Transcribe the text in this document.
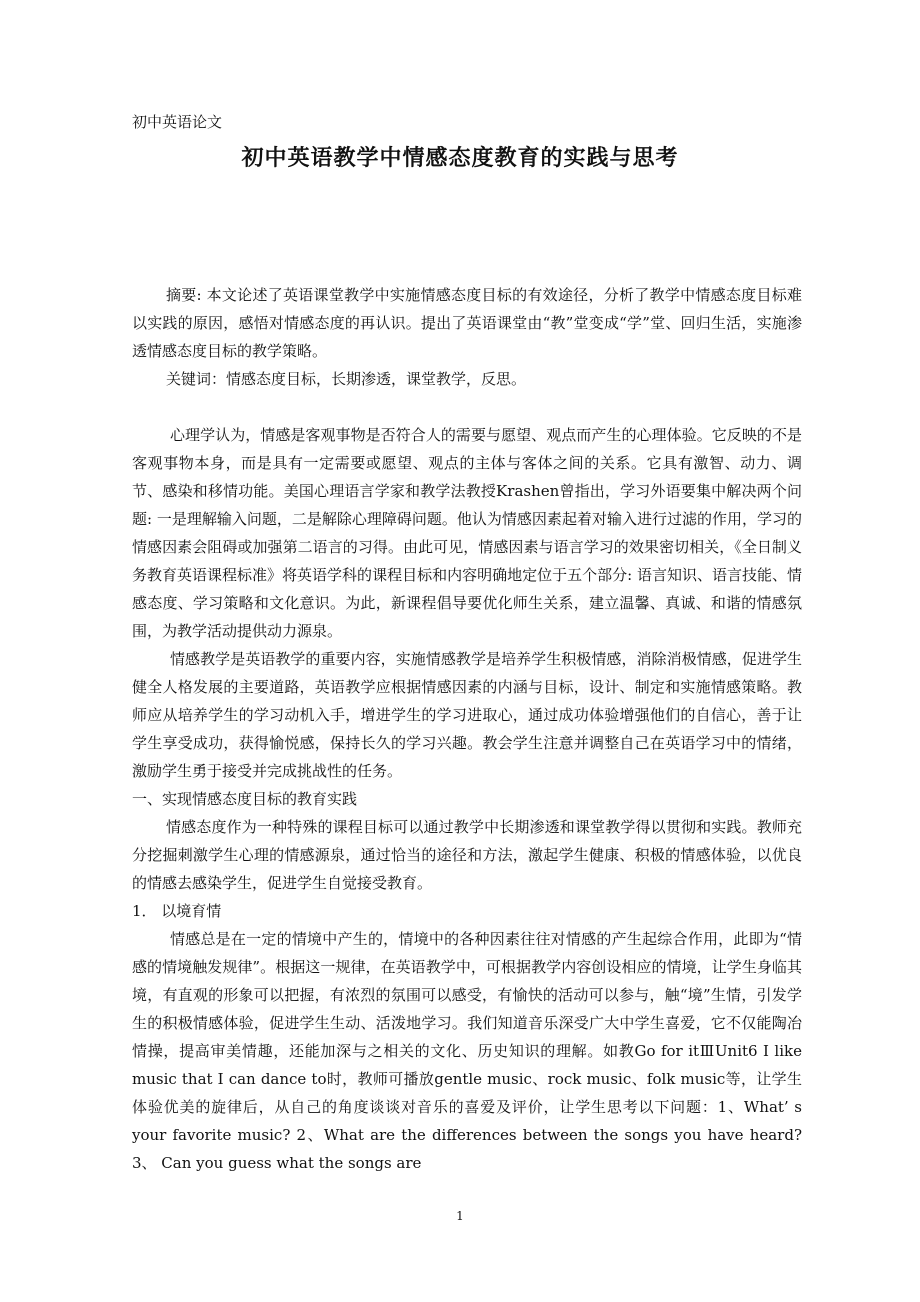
初中英语论文

初中英语教学中情感态度教育的实践与思考

摘要: 本文论述了英语课堂教学中实施情感态度目标的有效途径，分析了教学中情感态度目标难以实践的原因，感悟对情感态度的再认识。提出了英语课堂由“教”堂变成“学”堂、回归生活，实施渗透情感态度目标的教学策略。

关键词：情感态度目标，长期渗透，课堂教学，反思。

心理学认为，情感是客观事物是否符合人的需要与愿望、观点而产生的心理体验。它反映的不是客观事物本身，而是具有一定需要或愿望、观点的主体与客体之间的关系。它具有激智、动力、调节、感染和移情功能。美国心理语言学家和教学法教授Krashen曾指出，学习外语要集中解决两个问题: 一是理解输入问题，二是解除心理障碍问题。他认为情感因素起着对输入进行过滤的作用，学习的情感因素会阻碍或加强第二语言的习得。由此可见，情感因素与语言学习的效果密切相关，《全日制义务教育英语课程标准》将英语学科的课程目标和内容明确地定位于五个部分: 语言知识、语言技能、情感态度、学习策略和文化意识。为此，新课程倡导要优化师生关系，建立温馨、真诚、和谐的情感氛围，为教学活动提供动力源泉。

情感教学是英语教学的重要内容，实施情感教学是培养学生积极情感，消除消极情感，促进学生健全人格发展的主要道路，英语教学应根据情感因素的内涵与目标，设计、制定和实施情感策略。教师应从培养学生的学习动机入手，增进学生的学习进取心，通过成功体验增强他们的自信心，善于让学生享受成功，获得愉悦感，保持长久的学习兴趣。教会学生注意并调整自己在英语学习中的情绪，激励学生勇于接受并完成挑战性的任务。

一、实现情感态度目标的教育实践

情感态度作为一种特殊的课程目标可以通过教学中长期渗透和课堂教学得以贯彻和实践。教师充分挖掘刺激学生心理的情感源泉，通过恰当的途径和方法，激起学生健康、积极的情感体验，以优良的情感去感染学生，促进学生自觉接受教育。

1． 以境育情

情感总是在一定的情境中产生的，情境中的各种因素往往对情感的产生起综合作用，此即为“情感的情境触发规律”。根据这一规律，在英语教学中，可根据教学内容创设相应的情境，让学生身临其境，有直观的形象可以把握，有浓烈的氛围可以感受，有愉快的活动可以参与，触“境”生情，引发学生的积极情感体验，促进学生生动、活泼地学习。我们知道音乐深受广大中学生喜爱，它不仅能陶冶情操，提高审美情趣，还能加深与之相关的文化、历史知识的理解。如教Go for itⅢUnit6 I like music that I can dance to时，教师可播放gentle music、rock music、folk music等，让学生体验优美的旋律后，从自己的角度谈谈对音乐的喜爱及评价，让学生思考以下问题：1、What’ s your favorite music? 2、What are the differences between the songs you have heard? 3、 Can you guess what the songs are

1
